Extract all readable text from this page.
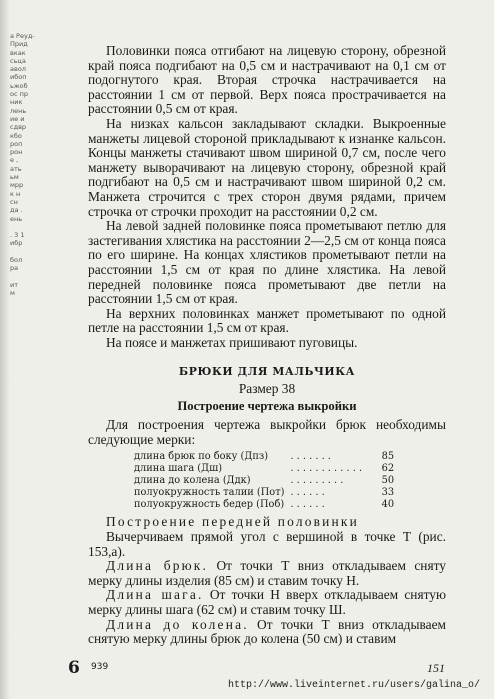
а Реуд-
Прид
вкак
сьца
авол
ибоп
ьжоб
ос пр
ник
лень
ие и
сдвр
кбо
роп
рон
е ,
ать
ьм
мрр
к н
сн
да .
ень

. 3 1
ибр

бол
ра

ит
м

Половинки пояса отгибают на лицевую сторону, обрезной край пояса подгибают на 0,5 см и настрачивают на 0,1 см от подогнутого края. Вторая строчка настрачивается на расстоянии 1 см от первой. Верх пояса прострачивается на расстоянии 0,5 см от края.

На низках кальсон закладывают складки. Выкроенные манжеты лицевой стороной прикладывают к изнанке кальсон. Концы манжеты стачивают швом шириной 0,7 см, после чего манжету выворачивают на лицевую сторону, обрезной край подгибают на 0,5 см и настрачивают швом шириной 0,2 см. Манжета строчится с трех сторон двумя рядами, причем строчка от строчки проходит на расстоянии 0,2 см.

На левой задней половинке пояса прометывают петлю для застегивания хлястика на расстоянии 2—2,5 см от конца пояса по его ширине. На концах хлястиков прометывают петли на расстоянии 1,5 см от края по длине хлястика. На левой передней половинке пояса прометывают две петли на расстоянии 1,5 см от края.

На верхних половинках манжет прометывают по одной петле на расстоянии 1,5 см от края.

На поясе и манжетах пришивают пуговицы.

БРЮКИ ДЛЯ МАЛЬЧИКА

Размер 38

Построение чертежа выкройки

Для построения чертежа выкройки брюк необходимы следующие мерки:

длина брюк по боку (Дпз)	. . . . . . .	85
длина шага (Дш)	. . . . . . . . . . . .	62
длина до колена (Ддк)	. . . . . . . . .	50
полуокружность талии (Пот)	. . . . . .	33
полуокружность бедер (Поб)	. . . . . .	40

Построение передней половинки

Вычерчиваем прямой угол с вершиной в точке Т (рис. 153,а).

Длина брюк. От точки Т вниз откладываем сняту мерку длины изделия (85 см) и ставим точку Н.

Длина шага. От точки Н вверх откладываем снятую мерку длины шага (62 см) и ставим точку Ш.

Длина до колена. От точки Т вниз откладываем снятую мерку длины брюк до колена (50 см) и ставим

6 939	151
http://www.liveinternet.ru/users/galina_o/
